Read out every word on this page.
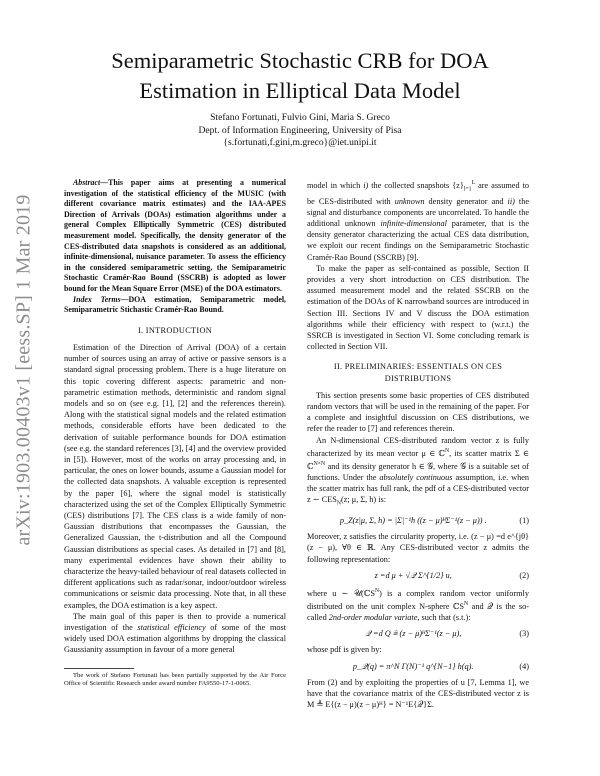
arXiv:1903.00403v1 [eess.SP] 1 Mar 2019
Semiparametric Stochastic CRB for DOA
Estimation in Elliptical Data Model
Stefano Fortunati, Fulvio Gini, Maria S. Greco
Dept. of Information Engineering, University of Pisa
{s.fortunati,f.gini,m.greco}@iet.unipi.it

Abstract—This paper aims at presenting a numerical investigation of the statistical efficiency of the MUSIC (with different covariance matrix estimates) and the IAA-APES Direction of Arrivals (DOAs) estimation algorithms under a general Complex Elliptically Symmetric (CES) distributed measurement model. Specifically, the density generator of the CES-distributed data snapshots is considered as an additional, infinite-dimensional, nuisance parameter. To assess the efficiency in the considered semiparametric setting, the Semiparametric Stochastic Cramér-Rao Bound (SSCRB) is adopted as lower bound for the Mean Square Error (MSE) of the DOA estimators.

Index Terms—DOA estimation, Semiparametric model, Semiparametric Stichastic Cramér-Rao Bound.

I. INTRODUCTION

Estimation of the Direction of Arrival (DOA) of a certain number of sources using an array of active or passive sensors is a standard signal processing problem. There is a huge literature on this topic covering different aspects: parametric and non-parametric estimation methods, deterministic and random signal models and so on (see e.g. [1], [2] and the references therein). Along with the statistical signal models and the related estimation methods, considerable efforts have been dedicated to the derivation of suitable performance bounds for DOA estimation (see e.g. the standard references [3], [4] and the overview provided in [5]). However, most of the works on array processing and, in particular, the ones on lower bounds, assume a Gaussian model for the collected data snapshots. A valuable exception is represented by the paper [6], where the signal model is statistically characterized using the set of the Complex Elliptically Symmetric (CES) distributions [7]. The CES class is a wide family of non-Gaussian distributions that encompasses the Gaussian, the Generalized Gaussian, the t-distribution and all the Compound Gaussian distributions as special cases. As detailed in [7] and [8], many experimental evidences have shown their ability to characterize the heavy-tailed behaviour of real datasets collected in different applications such as radar/sonar, indoor/outdoor wireless communications or seismic data processing. Note that, in all these examples, the DOA estimation is a key aspect.

The main goal of this paper is then to provide a numerical investigation of the statistical efficiency of some of the most widely used DOA estimation algorithms by dropping the classical Gaussianity assumption in favour of a more general

The work of Stefano Fortunati has been partially supported by the Air Force Office of Scientific Research under award number FA9550-17-1-0065.

model in which i) the collected snapshots $\{z\}_{l=1}^L$ are assumed to be CES-distributed with unknown density generator and ii) the signal and disturbance components are uncorrelated. To handle the additional unknown infinite-dimensional parameter, that is the density generator characterizing the actual CES data distribution, we exploit our recent findings on the Semiparametric Stochastic Cramér-Rao Bound (SSCRB) [9].

To make the paper as self-contained as possible, Section II provides a very short introduction on CES distribution. The assumed measurement model and the related SSCRB on the estimation of the DOAs of K narrowband sources are introduced in Section III. Sections IV and V discuss the DOA estimation algorithms while their efficiency with respect to (w.r.t.) the SSRCB is investigated in Section VI. Some concluding remark is collected in Section VII.

II. PRELIMINARIES: ESSENTIALS ON CES DISTRIBUTIONS

This section presents some basic properties of CES distributed random vectors that will be used in the remaining of the paper. For a complete and insightful discussion on CES distributions, we refer the reader to [7] and references therein.

An N-dimensional CES-distributed random vector z is fully characterized by its mean vector μ ∈ ℂ$^N$, its scatter matrix Σ ∈ ℂ$^{N\times N}$ and its density generator h ∈ 𝒢, where 𝒢 is a suitable set of functions. Under the absolutely continuous assumption, i.e. when the scatter matrix has full rank, the pdf of a CES-distributed vector z ∼ $CES_N(z$; μ, Σ, h) is:

p_Z(z|μ, Σ, h) = |Σ|⁻¹h ((z − μ)ᴴΣ⁻¹(z − μ)) .	(1)

Moreover, z satisfies the circularity property, i.e. (z − μ) =d e^{jθ}(z − μ), ∀θ ∈ ℝ. Any CES-distributed vector z admits the following representation:

z =d μ + √𝒬 Σ^{1/2} u,	(2)

where u ∼ 𝒰(ℂS$^N$) is a complex random vector uniformly distributed on the unit complex N-sphere ℂS$^N$ and 𝒬 is the so-called 2nd-order modular variate, such that (s.t.):

𝒬 =d Q ≜ (z − μ)ᴴΣ⁻¹(z − μ),	(3)

whose pdf is given by:

p_𝒬(q) = π^N Γ(N)⁻¹ q^{N−1} h(q).	(4)

From (2) and by exploiting the properties of u [7, Lemma 1], we have that the covariance matrix of the CES-distributed vector z is M ≜ E{(z − μ)(z − μ)ᴴ} = N⁻¹E{𝒬}Σ.
